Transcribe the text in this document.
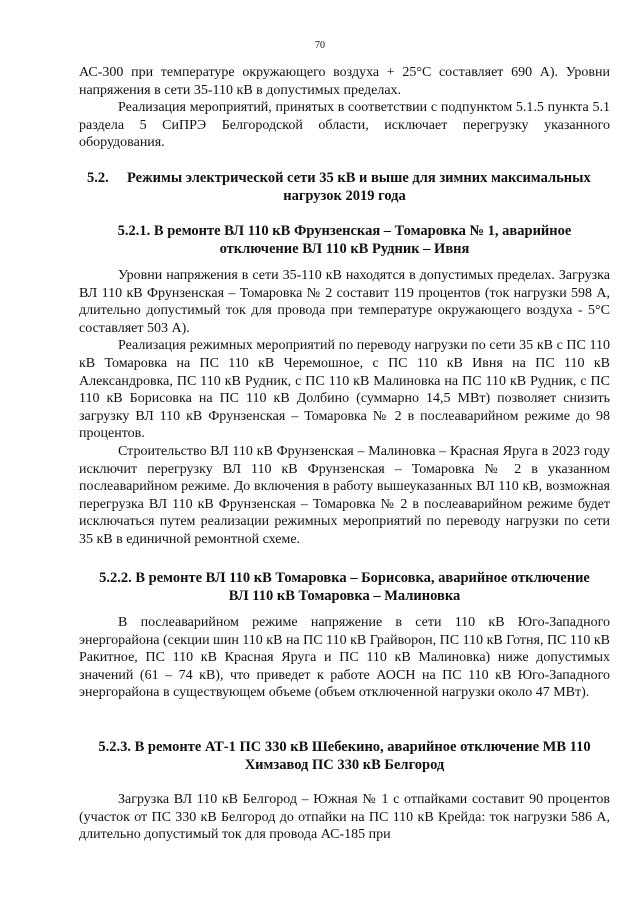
70

АС-300 при температуре окружающего воздуха + 25°С составляет 690 А). Уровни напряжения в сети 35-110 кВ в допустимых пределах.

Реализация мероприятий, принятых в соответствии с подпунктом 5.1.5 пункта 5.1 раздела 5 СиПРЭ Белгородской области, исключает перегрузку указанного оборудования.

5.2. Режимы электрической сети 35 кВ и выше для зимних максимальных
нагрузок 2019 года
5.2.1. В ремонте ВЛ 110 кВ Фрунзенская – Томаровка № 1, аварийное
отключение ВЛ 110 кВ Рудник – Ивня

Уровни напряжения в сети 35-110 кВ находятся в допустимых пределах. Загрузка ВЛ 110 кВ Фрунзенская – Томаровка № 2 составит 119 процентов (ток нагрузки 598 А, длительно допустимый ток для провода при температуре окружающего воздуха - 5°С составляет 503 А).

Реализация режимных мероприятий по переводу нагрузки по сети 35 кВ с ПС 110 кВ Томаровка на ПС 110 кВ Черемошное, с ПС 110 кВ Ивня на ПС 110 кВ Александровка, ПС 110 кВ Рудник, с ПС 110 кВ Малиновка на ПС 110 кВ Рудник, с ПС 110 кВ Борисовка на ПС 110 кВ Долбино (суммарно 14,5 МВт) позволяет снизить загрузку ВЛ 110 кВ Фрунзенская – Томаровка № 2 в послеаварийном режиме до 98 процентов.

Строительство ВЛ 110 кВ Фрунзенская – Малиновка – Красная Яруга в 2023 году исключит перегрузку ВЛ 110 кВ Фрунзенская – Томаровка № 2 в указанном послеаварийном режиме. До включения в работу вышеуказанных ВЛ 110 кВ, возможная перегрузка ВЛ 110 кВ Фрунзенская – Томаровка № 2 в послеаварийном режиме будет исключаться путем реализации режимных мероприятий по переводу нагрузки по сети 35 кВ в единичной ремонтной схеме.

5.2.2. В ремонте ВЛ 110 кВ Томаровка – Борисовка, аварийное отключение
ВЛ 110 кВ Томаровка – Малиновка

В послеаварийном режиме напряжение в сети 110 кВ Юго-Западного энергорайона (секции шин 110 кВ на ПС 110 кВ Грайворон, ПС 110 кВ Готня, ПС 110 кВ Ракитное, ПС 110 кВ Красная Яруга и ПС 110 кВ Малиновка) ниже допустимых значений (61 – 74 кВ), что приведет к работе АОСН на ПС 110 кВ Юго-Западного энергорайона в существующем объеме (объем отключенной нагрузки около 47 МВт).

5.2.3. В ремонте АТ-1 ПС 330 кВ Шебекино, аварийное отключение МВ 110
Химзавод ПС 330 кВ Белгород

Загрузка ВЛ 110 кВ Белгород – Южная № 1 с отпайками составит 90 процентов (участок от ПС 330 кВ Белгород до отпайки на ПС 110 кВ Крейда: ток нагрузки 586 А, длительно допустимый ток для провода АС-185 при
